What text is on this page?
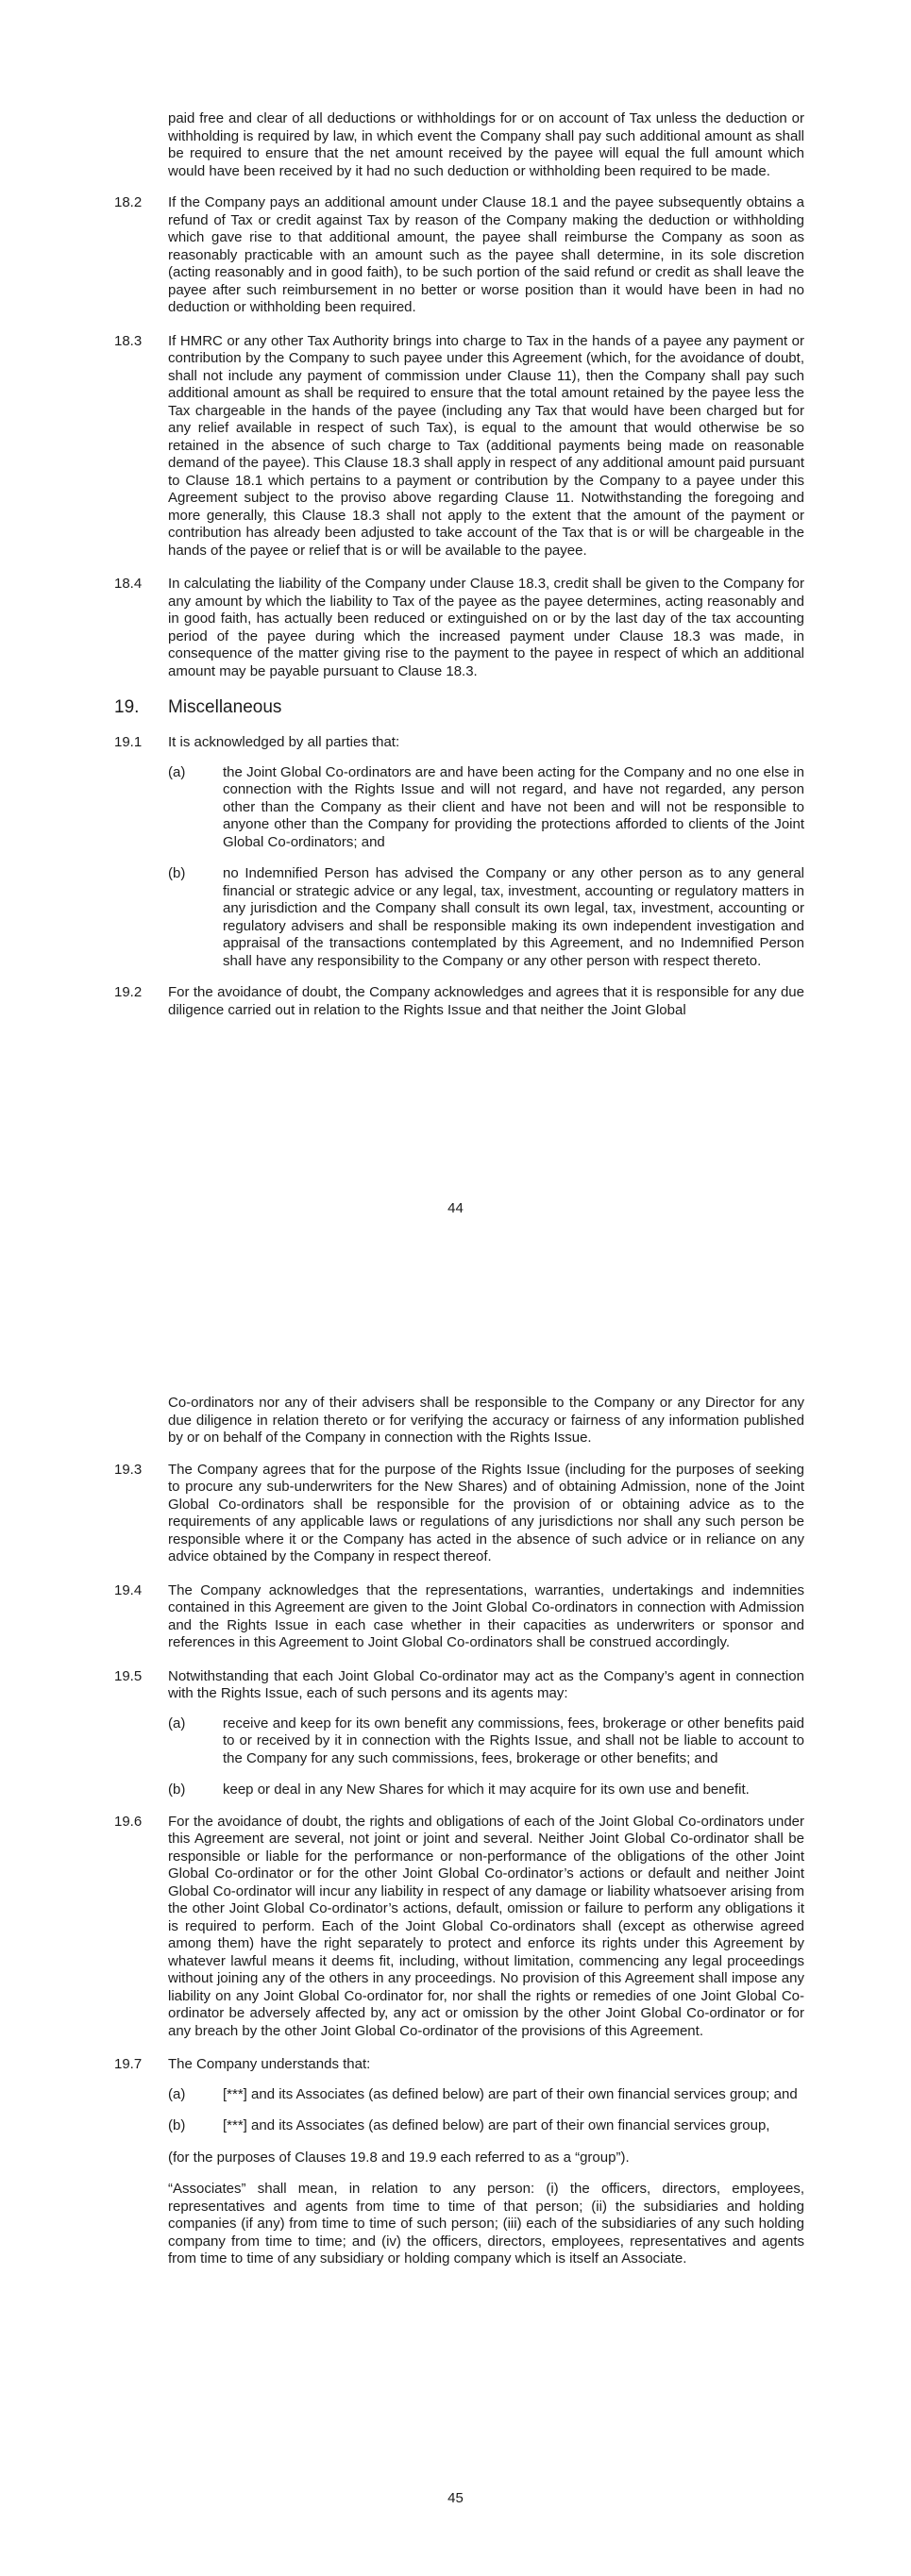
paid free and clear of all deductions or withholdings for or on account of Tax unless the deduction or withholding is required by law, in which event the Company shall pay such additional amount as shall be required to ensure that the net amount received by the payee will equal the full amount which would have been received by it had no such deduction or withholding been required to be made.

18.2 If the Company pays an additional amount under Clause 18.1 and the payee subsequently obtains a refund of Tax or credit against Tax by reason of the Company making the deduction or withholding which gave rise to that additional amount, the payee shall reimburse the Company as soon as reasonably practicable with an amount such as the payee shall determine, in its sole discretion (acting reasonably and in good faith), to be such portion of the said refund or credit as shall leave the payee after such reimbursement in no better or worse position than it would have been in had no deduction or withholding been required.

18.3 If HMRC or any other Tax Authority brings into charge to Tax in the hands of a payee any payment or contribution by the Company to such payee under this Agreement (which, for the avoidance of doubt, shall not include any payment of commission under Clause 11), then the Company shall pay such additional amount as shall be required to ensure that the total amount retained by the payee less the Tax chargeable in the hands of the payee (including any Tax that would have been charged but for any relief available in respect of such Tax), is equal to the amount that would otherwise be so retained in the absence of such charge to Tax (additional payments being made on reasonable demand of the payee). This Clause 18.3 shall apply in respect of any additional amount paid pursuant to Clause 18.1 which pertains to a payment or contribution by the Company to a payee under this Agreement subject to the proviso above regarding Clause 11. Notwithstanding the foregoing and more generally, this Clause 18.3 shall not apply to the extent that the amount of the payment or contribution has already been adjusted to take account of the Tax that is or will be chargeable in the hands of the payee or relief that is or will be available to the payee.

18.4 In calculating the liability of the Company under Clause 18.3, credit shall be given to the Company for any amount by which the liability to Tax of the payee as the payee determines, acting reasonably and in good faith, has actually been reduced or extinguished on or by the last day of the tax accounting period of the payee during which the increased payment under Clause 18.3 was made, in consequence of the matter giving rise to the payment to the payee in respect of which an additional amount may be payable pursuant to Clause 18.3.

19. Miscellaneous
19.1 It is acknowledged by all parties that:

(a)	the Joint Global Co-ordinators are and have been acting for the Company and no one else in connection with the Rights Issue and will not regard, and have not regarded, any person other than the Company as their client and have not been and will not be responsible to anyone other than the Company for providing the protections afforded to clients of the Joint Global Co-ordinators; and

(b)	no Indemnified Person has advised the Company or any other person as to any general financial or strategic advice or any legal, tax, investment, accounting or regulatory matters in any jurisdiction and the Company shall consult its own legal, tax, investment, accounting or regulatory advisers and shall be responsible making its own independent investigation and appraisal of the transactions contemplated by this Agreement, and no Indemnified Person shall have any responsibility to the Company or any other person with respect thereto.

19.2 For the avoidance of doubt, the Company acknowledges and agrees that it is responsible for any due diligence carried out in relation to the Rights Issue and that neither the Joint Global

44

Co-ordinators nor any of their advisers shall be responsible to the Company or any Director for any due diligence in relation thereto or for verifying the accuracy or fairness of any information published by or on behalf of the Company in connection with the Rights Issue.

19.3 The Company agrees that for the purpose of the Rights Issue (including for the purposes of seeking to procure any sub-underwriters for the New Shares) and of obtaining Admission, none of the Joint Global Co-ordinators shall be responsible for the provision of or obtaining advice as to the requirements of any applicable laws or regulations of any jurisdictions nor shall any such person be responsible where it or the Company has acted in the absence of such advice or in reliance on any advice obtained by the Company in respect thereof.

19.4 The Company acknowledges that the representations, warranties, undertakings and indemnities contained in this Agreement are given to the Joint Global Co-ordinators in connection with Admission and the Rights Issue in each case whether in their capacities as underwriters or sponsor and references in this Agreement to Joint Global Co-ordinators shall be construed accordingly.

19.5 Notwithstanding that each Joint Global Co-ordinator may act as the Company’s agent in connection with the Rights Issue, each of such persons and its agents may:

(a)	receive and keep for its own benefit any commissions, fees, brokerage or other benefits paid to or received by it in connection with the Rights Issue, and shall not be liable to account to the Company for any such commissions, fees, brokerage or other benefits; and

(b)	keep or deal in any New Shares for which it may acquire for its own use and benefit.

19.6 For the avoidance of doubt, the rights and obligations of each of the Joint Global Co-ordinators under this Agreement are several, not joint or joint and several. Neither Joint Global Co-ordinator shall be responsible or liable for the performance or non-performance of the obligations of the other Joint Global Co-ordinator or for the other Joint Global Co-ordinator’s actions or default and neither Joint Global Co-ordinator will incur any liability in respect of any damage or liability whatsoever arising from the other Joint Global Co-ordinator’s actions, default, omission or failure to perform any obligations it is required to perform. Each of the Joint Global Co-ordinators shall (except as otherwise agreed among them) have the right separately to protect and enforce its rights under this Agreement by whatever lawful means it deems fit, including, without limitation, commencing any legal proceedings without joining any of the others in any proceedings. No provision of this Agreement shall impose any liability on any Joint Global Co-ordinator for, nor shall the rights or remedies of one Joint Global Co-ordinator be adversely affected by, any act or omission by the other Joint Global Co-ordinator or for any breach by the other Joint Global Co-ordinator of the provisions of this Agreement.

19.7 The Company understands that:

(a)	[***] and its Associates (as defined below) are part of their own financial services group; and

(b)	[***] and its Associates (as defined below) are part of their own financial services group,

(for the purposes of Clauses 19.8 and 19.9 each referred to as a “group”).

“Associates” shall mean, in relation to any person: (i) the officers, directors, employees, representatives and agents from time to time of that person; (ii) the subsidiaries and holding companies (if any) from time to time of such person; (iii) each of the subsidiaries of any such holding company from time to time; and (iv) the officers, directors, employees, representatives and agents from time to time of any subsidiary or holding company which is itself an Associate.

45
